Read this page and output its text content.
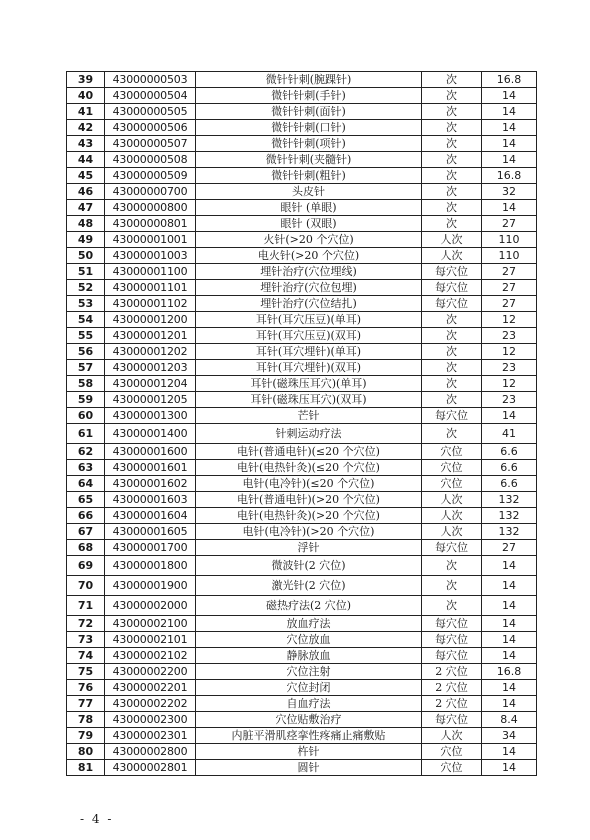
39	43000000503	微针针刺(腕踝针)	次	16.8
40	43000000504	微针针刺(手针)	次	14
41	43000000505	微针针刺(面针)	次	14
42	43000000506	微针针刺(口针)	次	14
43	43000000507	微针针刺(项针)	次	14
44	43000000508	微针针刺(夹髓针)	次	14
45	43000000509	微针针刺(粗针)	次	16.8
46	43000000700	头皮针	次	32
47	43000000800	眼针 (单眼)	次	14
48	43000000801	眼针 (双眼)	次	27
49	43000001001	火针(>20 个穴位)	人次	110
50	43000001003	电火针(>20 个穴位)	人次	110
51	43000001100	埋针治疗(穴位埋线)	每穴位	27
52	43000001101	埋针治疗(穴位包埋)	每穴位	27
53	43000001102	埋针治疗(穴位结扎)	每穴位	27
54	43000001200	耳针(耳穴压豆)(单耳)	次	12
55	43000001201	耳针(耳穴压豆)(双耳)	次	23
56	43000001202	耳针(耳穴埋针)(单耳)	次	12
57	43000001203	耳针(耳穴埋针)(双耳)	次	23
58	43000001204	耳针(磁珠压耳穴)(单耳)	次	12
59	43000001205	耳针(磁珠压耳穴)(双耳)	次	23
60	43000001300	芒针	每穴位	14
61	43000001400	针刺运动疗法	次	41
62	43000001600	电针(普通电针)(≤20 个穴位)	穴位	6.6
63	43000001601	电针(电热针灸)(≤20 个穴位)	穴位	6.6
64	43000001602	电针(电冷针)(≤20 个穴位)	穴位	6.6
65	43000001603	电针(普通电针)(>20 个穴位)	人次	132
66	43000001604	电针(电热针灸)(>20 个穴位)	人次	132
67	43000001605	电针(电冷针)(>20 个穴位)	人次	132
68	43000001700	浮针	每穴位	27
69	43000001800	微波针(2 穴位)	次	14
70	43000001900	激光针(2 穴位)	次	14
71	43000002000	磁热疗法(2 穴位)	次	14
72	43000002100	放血疗法	每穴位	14
73	43000002101	穴位放血	每穴位	14
74	43000002102	静脉放血	每穴位	14
75	43000002200	穴位注射	2 穴位	16.8
76	43000002201	穴位封闭	2 穴位	14
77	43000002202	自血疗法	2 穴位	14
78	43000002300	穴位贴敷治疗	每穴位	8.4
79	43000002301	内脏平滑肌痉挛性疼痛止痛敷贴	人次	34
80	43000002800	杵针	穴位	14
81	43000002801	圆针	穴位	14
- 4 -
